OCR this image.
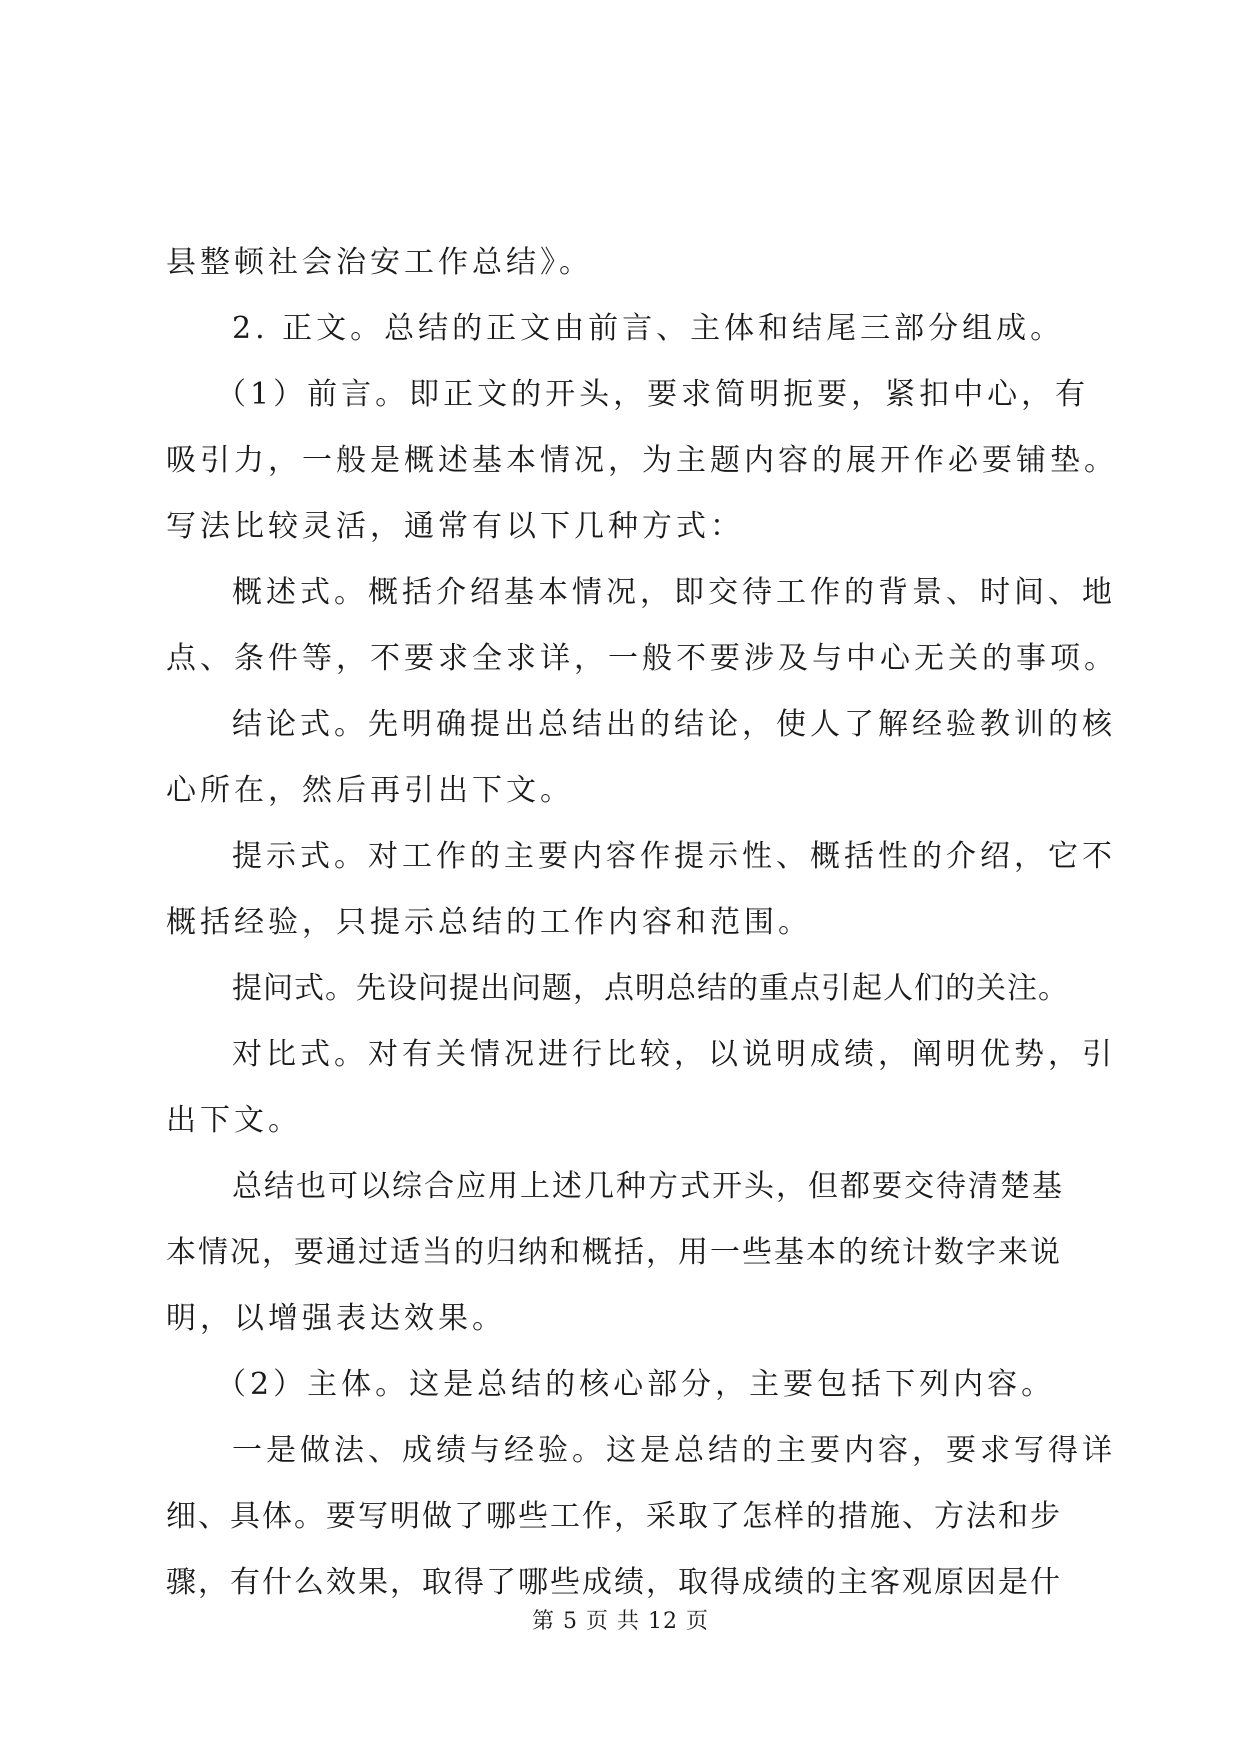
县整顿社会治安工作总结》。

2. 正文。总结的正文由前言、主体和结尾三部分组成。

（1）前言。即正文的开头，要求简明扼要，紧扣中心，有

吸引力，一般是概述基本情况，为主题内容的展开作必要铺垫。

写法比较灵活，通常有以下几种方式：

概述式。概括介绍基本情况，即交待工作的背景、时间、地

点、条件等，不要求全求详，一般不要涉及与中心无关的事项。

结论式。先明确提出总结出的结论，使人了解经验教训的核

心所在，然后再引出下文。

提示式。对工作的主要内容作提示性、概括性的介绍，它不

概括经验，只提示总结的工作内容和范围。

提问式。先设问提出问题，点明总结的重点引起人们的关注。

对比式。对有关情况进行比较，以说明成绩，阐明优势，引

出下文。

总结也可以综合应用上述几种方式开头，但都要交待清楚基

本情况，要通过适当的归纳和概括，用一些基本的统计数字来说

明，以增强表达效果。

（2）主体。这是总结的核心部分，主要包括下列内容。

一是做法、成绩与经验。这是总结的主要内容，要求写得详

细、具体。要写明做了哪些工作，采取了怎样的措施、方法和步

骤，有什么效果，取得了哪些成绩，取得成绩的主客观原因是什

第 5 页 共 12 页
